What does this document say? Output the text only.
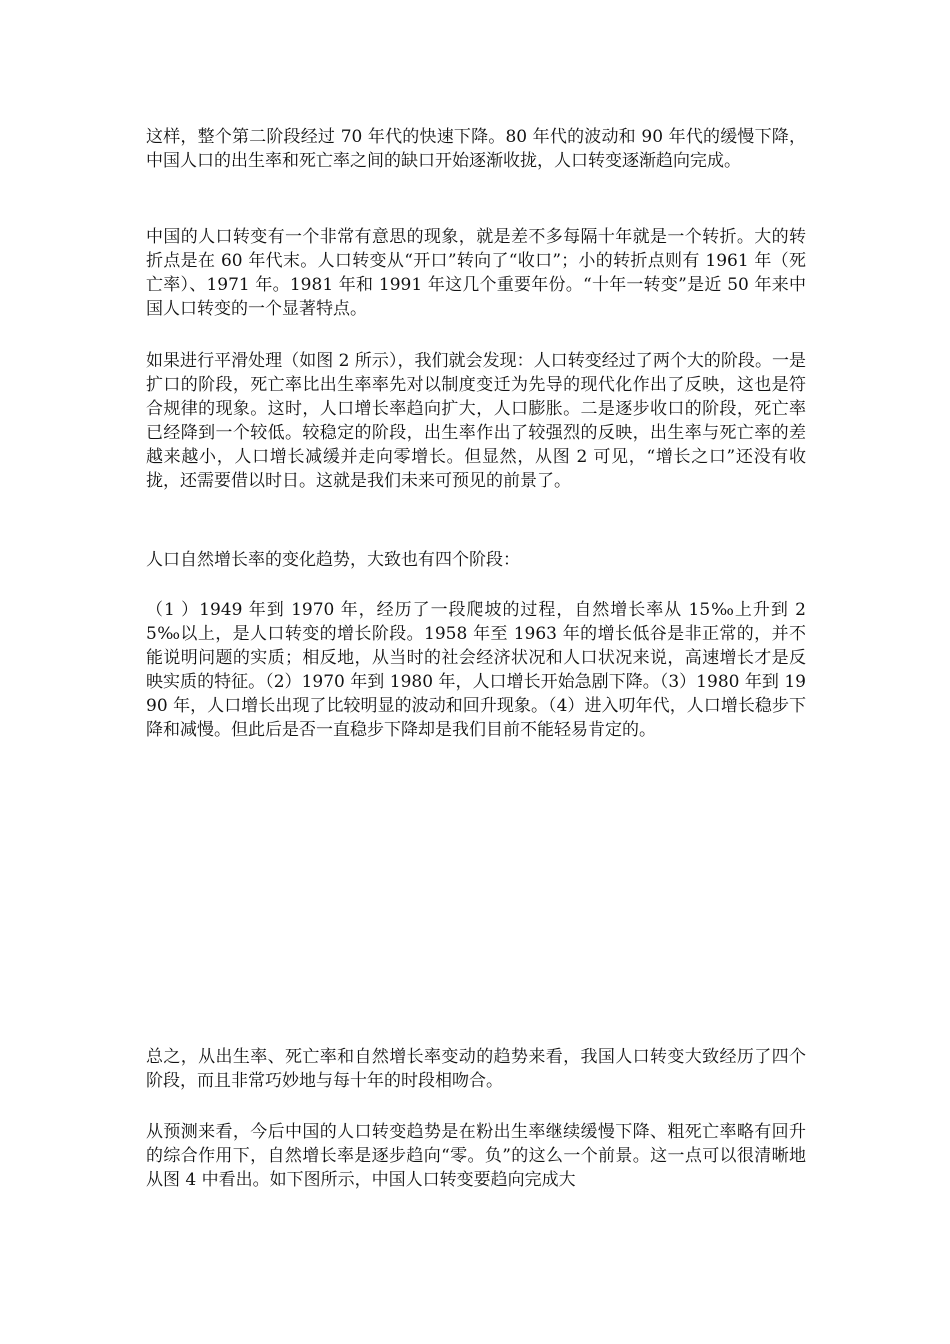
这样，整个第二阶段经过 70 年代的快速下降。80 年代的波动和 90 年代的缓慢下降，中国人口的出生率和死亡率之间的缺口开始逐渐收拢，人口转变逐渐趋向完成。

中国的人口转变有一个非常有意思的现象，就是差不多每隔十年就是一个转折。大的转折点是在 60 年代末。人口转变从“开口”转向了“收口”；小的转折点则有 1961 年（死亡率）、1971 年。1981 年和 1991 年这几个重要年份。“十年一转变”是近 50 年来中国人口转变的一个显著特点。

如果进行平滑处理（如图 2 所示），我们就会发现：人口转变经过了两个大的阶段。一是扩口的阶段，死亡率比出生率率先对以制度变迁为先导的现代化作出了反映，这也是符合规律的现象。这时，人口增长率趋向扩大，人口膨胀。二是逐步收口的阶段，死亡率已经降到一个较低。较稳定的阶段，出生率作出了较强烈的反映，出生率与死亡率的差越来越小，人口增长减缓并走向零增长。但显然，从图 2 可见，“增长之口”还没有收拢，还需要借以时日。这就是我们未来可预见的前景了。

人口自然增长率的变化趋势，大致也有四个阶段：

（1 ）1949 年到 1970 年，经历了一段爬坡的过程，自然增长率从 15‰上升到 25‰以上，是人口转变的增长阶段。1958 年至 1963 年的增长低谷是非正常的，并不能说明问题的实质；相反地，从当时的社会经济状况和人口状况来说，高速增长才是反映实质的特征。（2）1970 年到 1980 年，人口增长开始急剧下降。（3）1980 年到 1990 年，人口增长出现了比较明显的波动和回升现象。（4）进入叨年代，人口增长稳步下降和减慢。但此后是否一直稳步下降却是我们目前不能轻易肯定的。

总之，从出生率、死亡率和自然增长率变动的趋势来看，我国人口转变大致经历了四个阶段，而且非常巧妙地与每十年的时段相吻合。

从预测来看，今后中国的人口转变趋势是在粉出生率继续缓慢下降、粗死亡率略有回升的综合作用下，自然增长率是逐步趋向“零。负”的这么一个前景。这一点可以很清晰地从图 4 中看出。如下图所示，中国人口转变要趋向完成大
